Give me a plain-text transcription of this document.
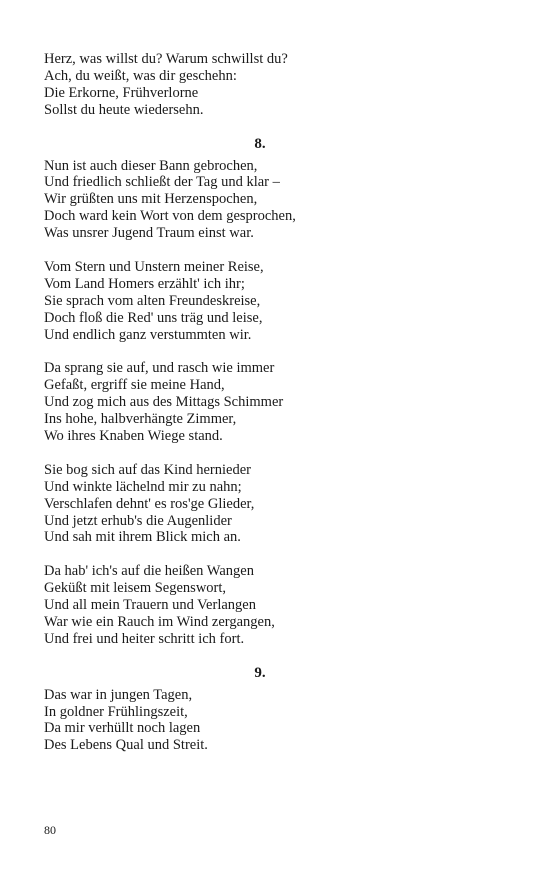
Herz, was willst du? Warum schwillst du?
Ach, du weißt, was dir geschehn:
Die Erkorne, Frühverlorne
Sollst du heute wiedersehn.
8.
Nun ist auch dieser Bann gebrochen,
Und friedlich schließt der Tag und klar –
Wir grüßten uns mit Herzenspochen,
Doch ward kein Wort von dem gesprochen,
Was unsrer Jugend Traum einst war.
Vom Stern und Unstern meiner Reise,
Vom Land Homers erzählt' ich ihr;
Sie sprach vom alten Freundeskreise,
Doch floß die Red' uns träg und leise,
Und endlich ganz verstummten wir.
Da sprang sie auf, und rasch wie immer
Gefaßt, ergriff sie meine Hand,
Und zog mich aus des Mittags Schimmer
Ins hohe, halbverhängte Zimmer,
Wo ihres Knaben Wiege stand.
Sie bog sich auf das Kind hernieder
Und winkte lächelnd mir zu nahn;
Verschlafen dehnt' es ros'ge Glieder,
Und jetzt erhub's die Augenlider
Und sah mit ihrem Blick mich an.
Da hab' ich's auf die heißen Wangen
Geküßt mit leisem Segenswort,
Und all mein Trauern und Verlangen
War wie ein Rauch im Wind zergangen,
Und frei und heiter schritt ich fort.
9.
Das war in jungen Tagen,
In goldner Frühlingszeit,
Da mir verhüllt noch lagen
Des Lebens Qual und Streit.
80
